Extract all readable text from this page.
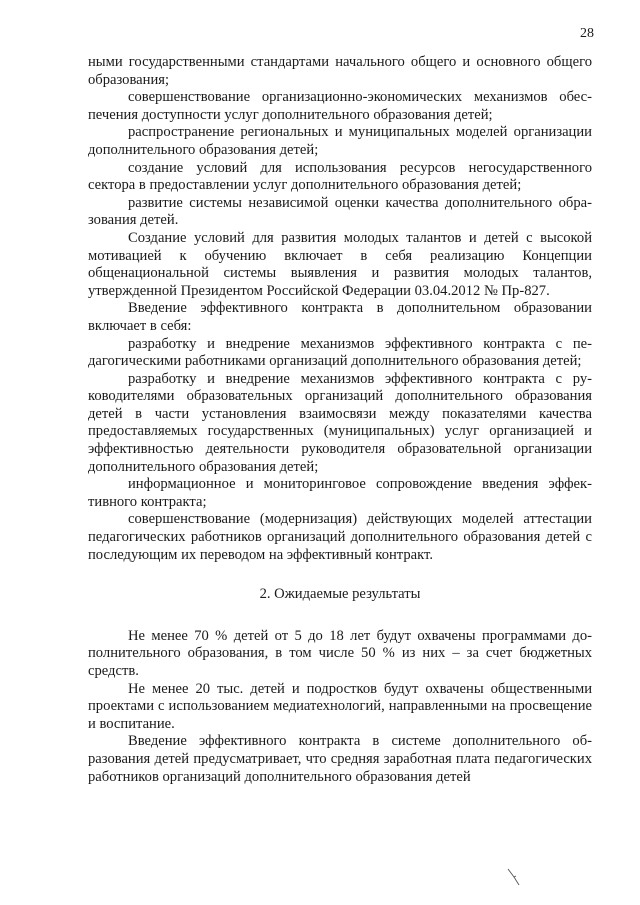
28

ными государственными стандартами начального общего и основного общего образования;

совершенствование организационно-экономических механизмов обеспечения доступности услуг дополнительного образования детей;

распространение региональных и муниципальных моделей организации дополнительного образования детей;

создание условий для использования ресурсов негосударственного сектора в предоставлении услуг дополнительного образования детей;

развитие системы независимой оценки качества дополнительного образования детей.

Создание условий для развития молодых талантов и детей с высокой мотивацией к обучению включает в себя реализацию Концепции общенациональной системы выявления и развития молодых талантов, утвержденной Президентом Российской Федерации 03.04.2012 № Пр-827.

Введение эффективного контракта в дополнительном образовании включает в себя:

разработку и внедрение механизмов эффективного контракта с педагогическими работниками организаций дополнительного образования детей;

разработку и внедрение механизмов эффективного контракта с руководителями образовательных организаций дополнительного образования детей в части установления взаимосвязи между показателями качества предоставляемых государственных (муниципальных) услуг организацией и эффективностью деятельности руководителя образовательной организации дополнительного образования детей;

информационное и мониторинговое сопровождение введения эффективного контракта;

совершенствование (модернизация) действующих моделей аттестации педагогических работников организаций дополнительного образования детей с последующим их переводом на эффективный контракт.

2. Ожидаемые результаты

Не менее 70 % детей от 5 до 18 лет будут охвачены программами дополнительного образования, в том числе 50 % из них – за счет бюджетных средств.

Не менее 20 тыс. детей и подростков будут охвачены общественными проектами с использованием медиатехнологий, направленными на просвещение и воспитание.

Введение эффективного контракта в системе дополнительного образования детей предусматривает, что средняя заработная плата педагогических работников организаций дополнительного образования детей
